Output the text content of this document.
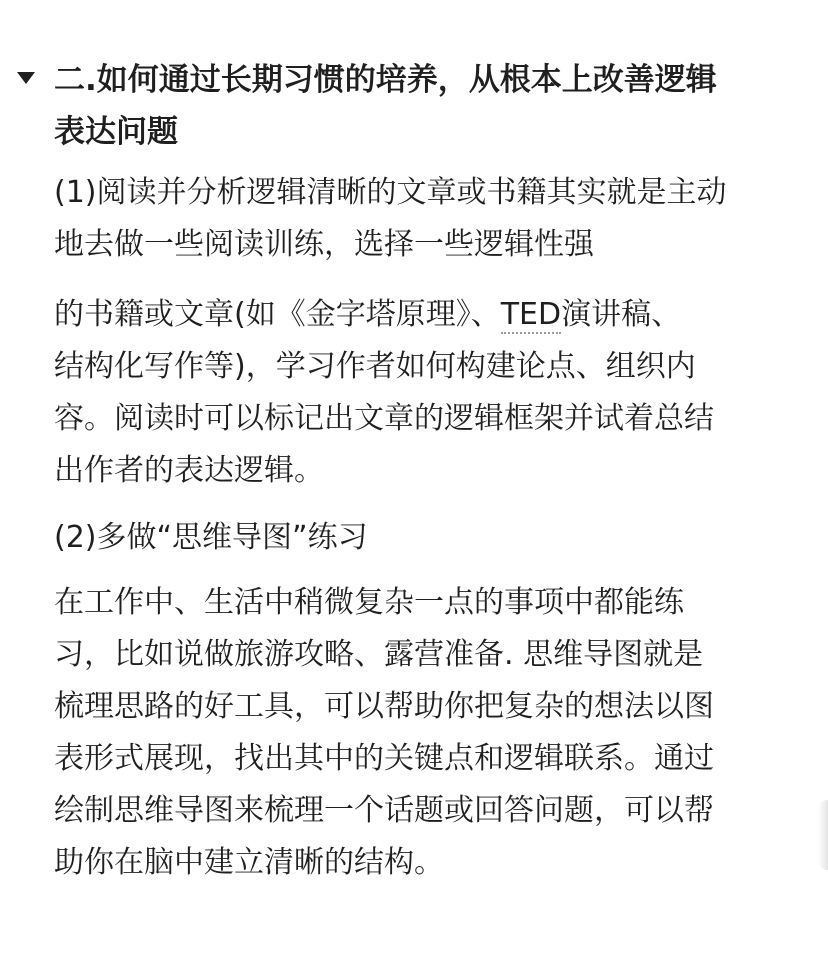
二.如何通过长期习惯的培养，从根本上改善逻辑
表达问题

(1)阅读并分析逻辑清晰的文章或书籍其实就是主动
地去做一些阅读训练，选择一些逻辑性强

的书籍或文章(如《金字塔原理》、TED演讲稿、
结构化写作等)，学习作者如何构建论点、组织内
容。阅读时可以标记出文章的逻辑框架并试着总结
出作者的表达逻辑。

(2)多做“思维导图”练习

在工作中、生活中稍微复杂一点的事项中都能练
习，比如说做旅游攻略、露营准备. 思维导图就是
梳理思路的好工具，可以帮助你把复杂的想法以图
表形式展现，找出其中的关键点和逻辑联系。通过
绘制思维导图来梳理一个话题或回答问题，可以帮
助你在脑中建立清晰的结构。
